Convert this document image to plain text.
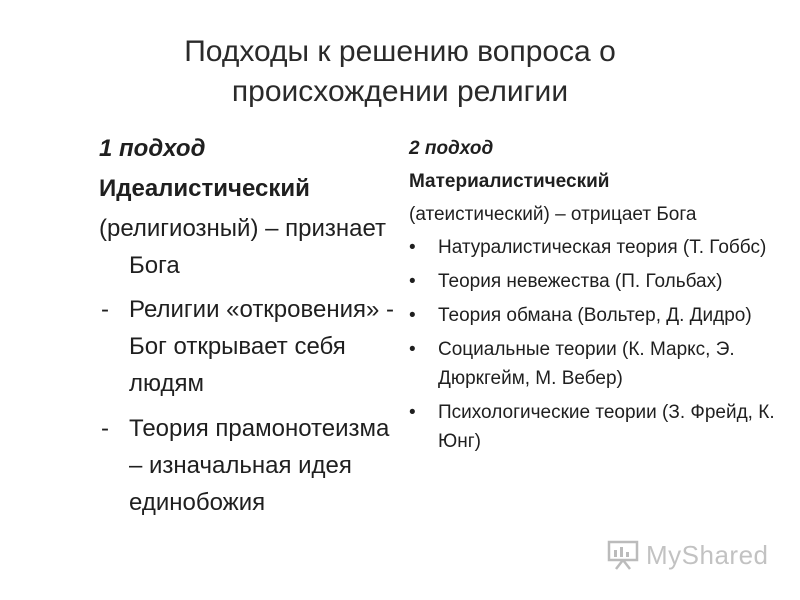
Подходы к решению вопроса о
происхождении религии
1 подход
Идеалистический
(религиозный) – признает Бога
- Религии «откровения» - Бог открывает себя людям
- Теория прамонотеизма – изначальная идея единобожия
2 подход
Материалистический
(атеистический) – отрицает Бога
• Натуралистическая теория (Т. Гоббс)
• Теория невежества (П. Гольбах)
• Теория обмана (Вольтер, Д. Дидро)
• Социальные теории (К. Маркс, Э. Дюркгейм, М. Вебер)
• Психологические теории (З. Фрейд, К. Юнг)
MyShared
